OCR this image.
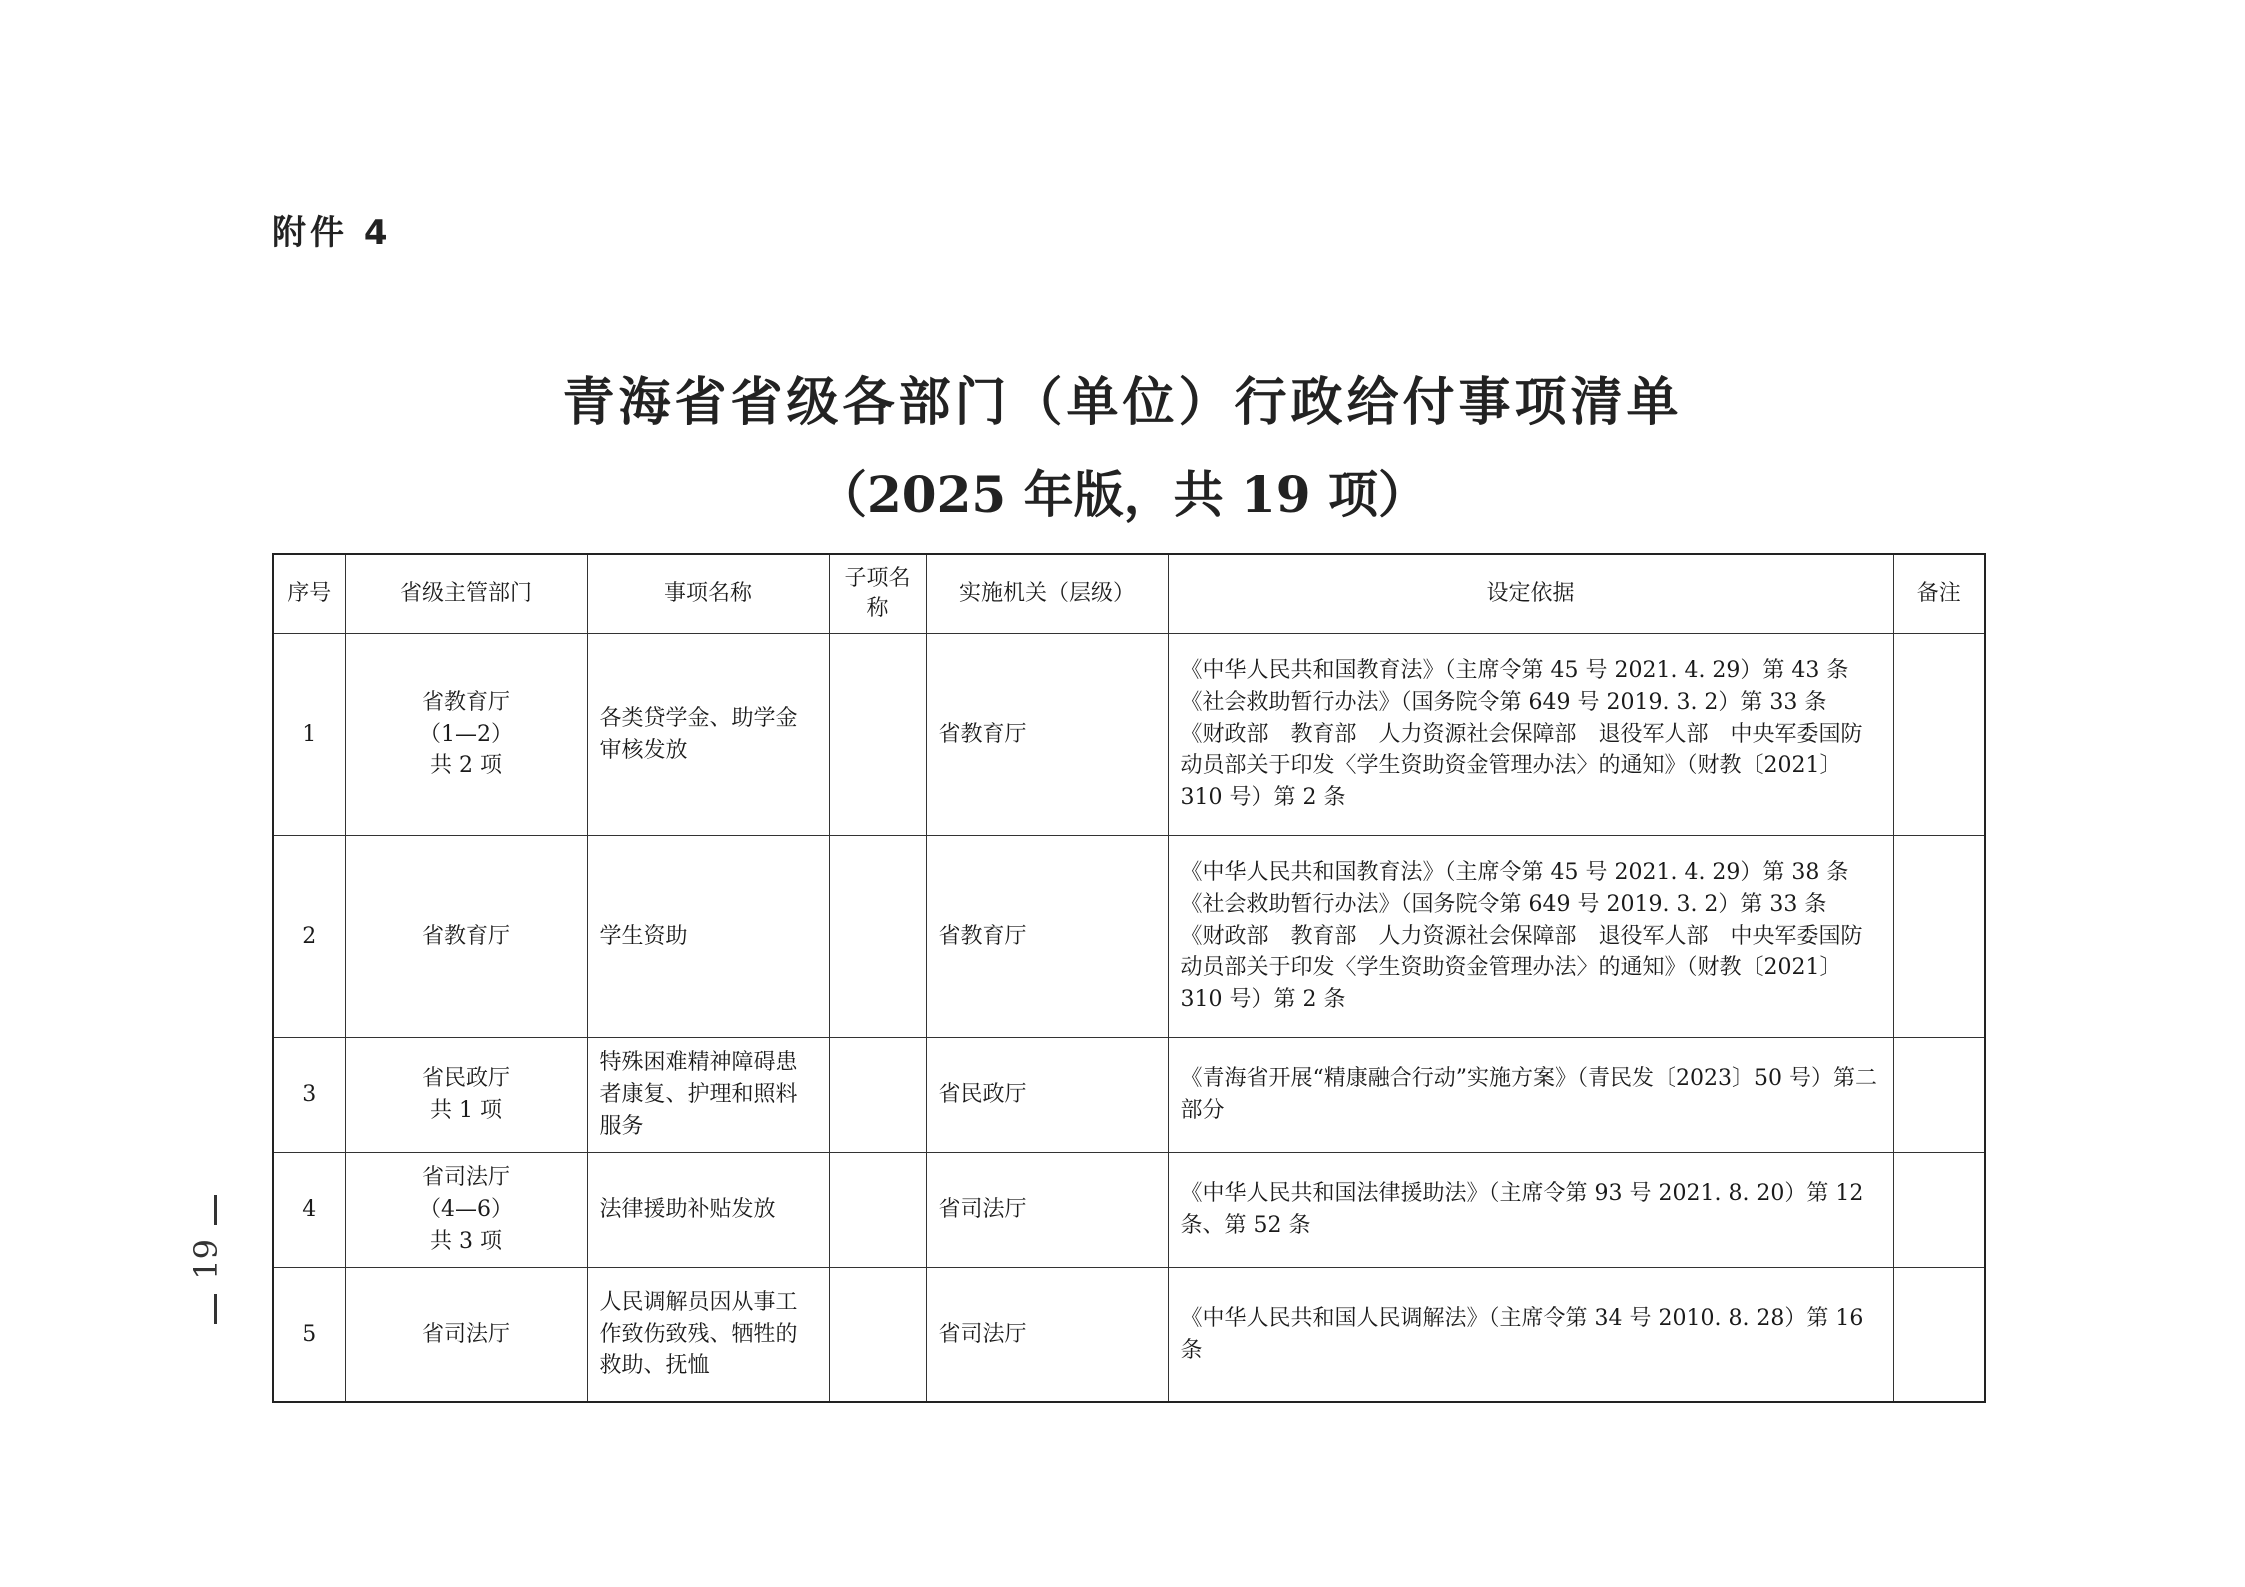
附件 4
青海省省级各部门（单位）行政给付事项清单
（2025 年版，共 19 项）
19
序号	省级主管部门	事项名称	子项名称	实施机关（层级）	设定依据	备注
1	省教育厅
（1—2）
共 2 项	各类贷学金、助学金审核发放		省教育厅	《中华人民共和国教育法》（主席令第 45 号 2021. 4. 29）第 43 条
《社会救助暂行办法》（国务院令第 649 号 2019. 3. 2）第 33 条
《财政部　教育部　人力资源社会保障部　退役军人部　中央军委国防动员部关于印发〈学生资助资金管理办法〉的通知》（财教〔2021〕310 号）第 2 条	

2	省教育厅	学生资助		省教育厅	《中华人民共和国教育法》（主席令第 45 号 2021. 4. 29）第 38 条
《社会救助暂行办法》（国务院令第 649 号 2019. 3. 2）第 33 条
《财政部　教育部　人力资源社会保障部　退役军人部　中央军委国防动员部关于印发〈学生资助资金管理办法〉的通知》（财教〔2021〕310 号）第 2 条	

3	省民政厅
共 1 项	特殊困难精神障碍患者康复、护理和照料服务		省民政厅	《青海省开展“精康融合行动”实施方案》（青民发〔2023〕50 号）第二部分	

4	省司法厅
（4—6）
共 3 项	法律援助补贴发放		省司法厅	《中华人民共和国法律援助法》（主席令第 93 号 2021. 8. 20）第 12 条、第 52 条	

5	省司法厅	人民调解员因从事工作致伤致残、牺牲的救助、抚恤		省司法厅	《中华人民共和国人民调解法》（主席令第 34 号 2010. 8. 28）第 16 条	
